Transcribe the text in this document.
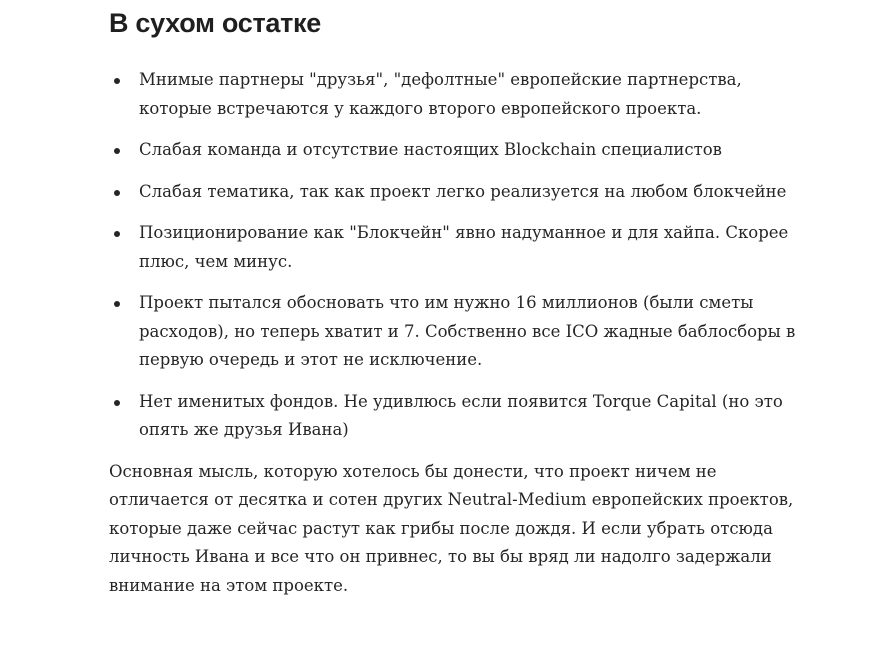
В сухом остатке
Мнимые партнеры "друзья", "дефолтные" европейские партнерства, которые встречаются у каждого второго европейского проекта.
Слабая команда и отсутствие настоящих Blockchain специалистов
Слабая тематика, так как проект легко реализуется на любом блокчейне
Позиционирование как "Блокчейн" явно надуманное и для хайпа. Скорее плюс, чем минус.
Проект пытался обосновать что им нужно 16 миллионов (были сметы расходов), но теперь хватит и 7. Собственно все ICO жадные баблосборы в первую очередь и этот не исключение.
Нет именитых фондов. Не удивлюсь если появится Torque Capital (но это опять же друзья Ивана)

Основная мысль, которую хотелось бы донести, что проект ничем не отличается от десятка и сотен других Neutral-Medium европейских проектов, которые даже сейчас растут как грибы после дождя. И если убрать отсюда личность Ивана и все что он привнес, то вы бы вряд ли надолго задержали внимание на этом проекте.
